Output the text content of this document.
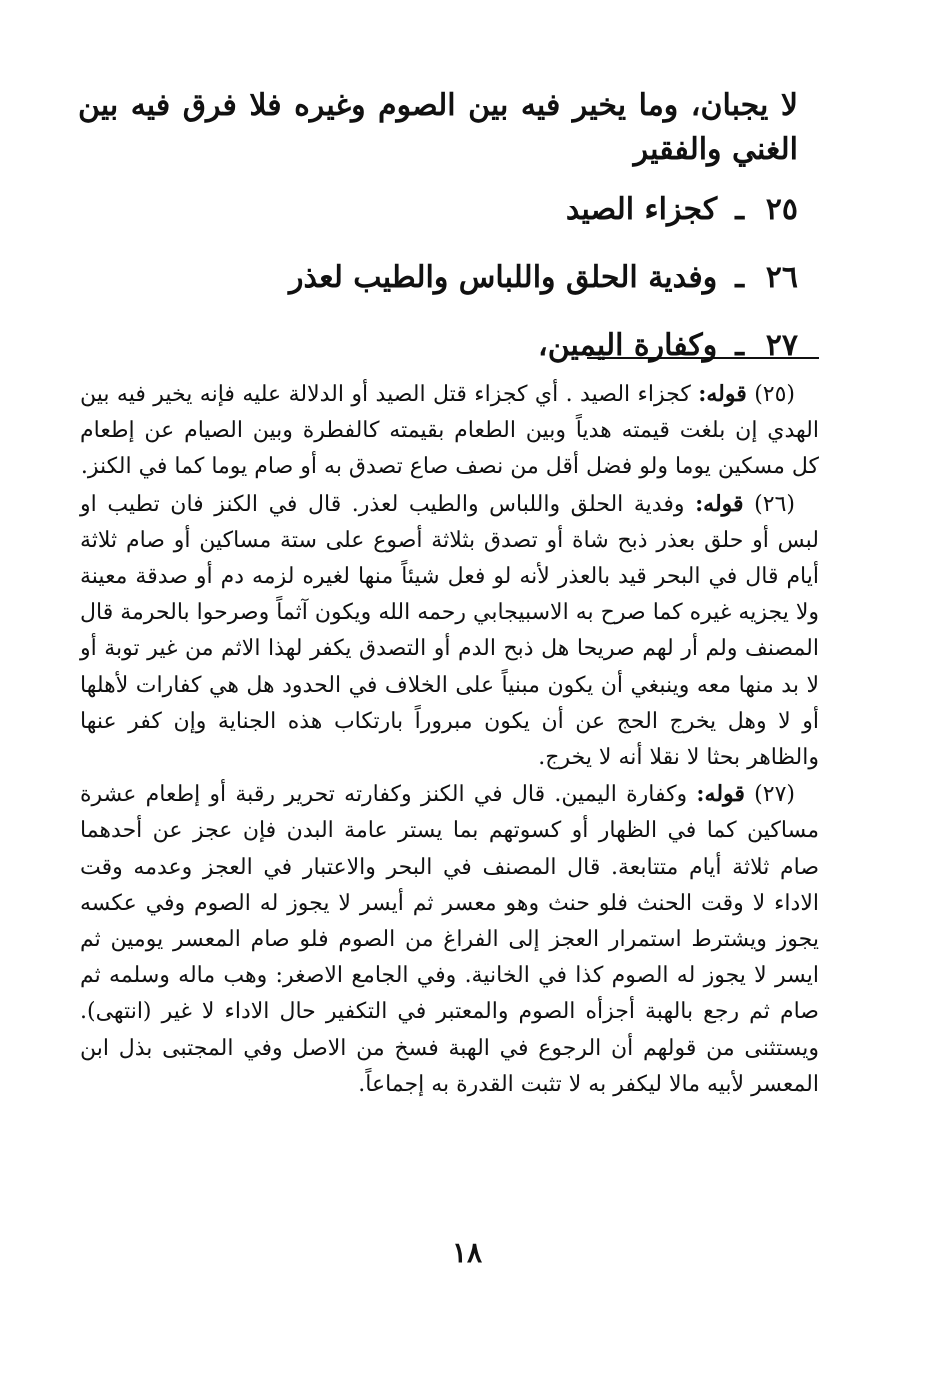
لا يجبان، وما يخير فيه بين الصوم وغيره فلا فرق فيه بين الغني والفقير

٢٥ـكجزاء الصيد

٢٦ـوفدية الحلق واللباس والطيب لعذر

٢٧ـوكفارة اليمين،

(٢٥) قوله: كجزاء الصيد . أي كجزاء قتل الصيد أو الدلالة عليه فإنه يخير فيه بين الهدي إن بلغت قيمته هدياً وبين الطعام بقيمته كالفطرة وبين الصيام عن إطعام كل مسكين يوما ولو فضل أقل من نصف صاع تصدق به أو صام يوما كما في الكنز.

(٢٦) قوله: وفدية الحلق واللباس والطيب لعذر. قال في الكنز فان تطيب او لبس أو حلق بعذر ذبح شاة أو تصدق بثلاثة أصوع على ستة مساكين أو صام ثلاثة أيام قال في البحر قيد بالعذر لأنه لو فعل شيئاً منها لغيره لزمه دم أو صدقة معينة ولا يجزيه غيره كما صرح به الاسبيجابي رحمه الله ويكون آثماً وصرحوا بالحرمة قال المصنف ولم أر لهم صريحا هل ذبح الدم أو التصدق يكفر لهذا الاثم من غير توبة أو لا بد منها معه وينبغي أن يكون مبنياً على الخلاف في الحدود هل هي كفارات لأهلها أو لا وهل يخرج الحج عن أن يكون مبروراً بارتكاب هذه الجناية وإن كفر عنها والظاهر بحثا لا نقلا أنه لا يخرج.

(٢٧) قوله: وكفارة اليمين. قال في الكنز وكفارته تحرير رقبة أو إطعام عشرة مساكين كما في الظهار أو كسوتهم بما يستر عامة البدن فإن عجز عن أحدهما صام ثلاثة أيام متتابعة. قال المصنف في البحر والاعتبار في العجز وعدمه وقت الاداء لا وقت الحنث فلو حنث وهو معسر ثم أيسر لا يجوز له الصوم وفي عكسه يجوز ويشترط استمرار العجز إلى الفراغ من الصوم فلو صام المعسر يومين ثم ايسر لا يجوز له الصوم كذا في الخانية. وفي الجامع الاصغر: وهب ماله وسلمه ثم صام ثم رجع بالهبة أجزأه الصوم والمعتبر في التكفير حال الاداء لا غير (انتهى). ويستثنى من قولهم أن الرجوع في الهبة فسخ من الاصل وفي المجتبى بذل ابن المعسر لأبيه مالا ليكفر به لا تثبت القدرة به إجماعاً.

١٨
